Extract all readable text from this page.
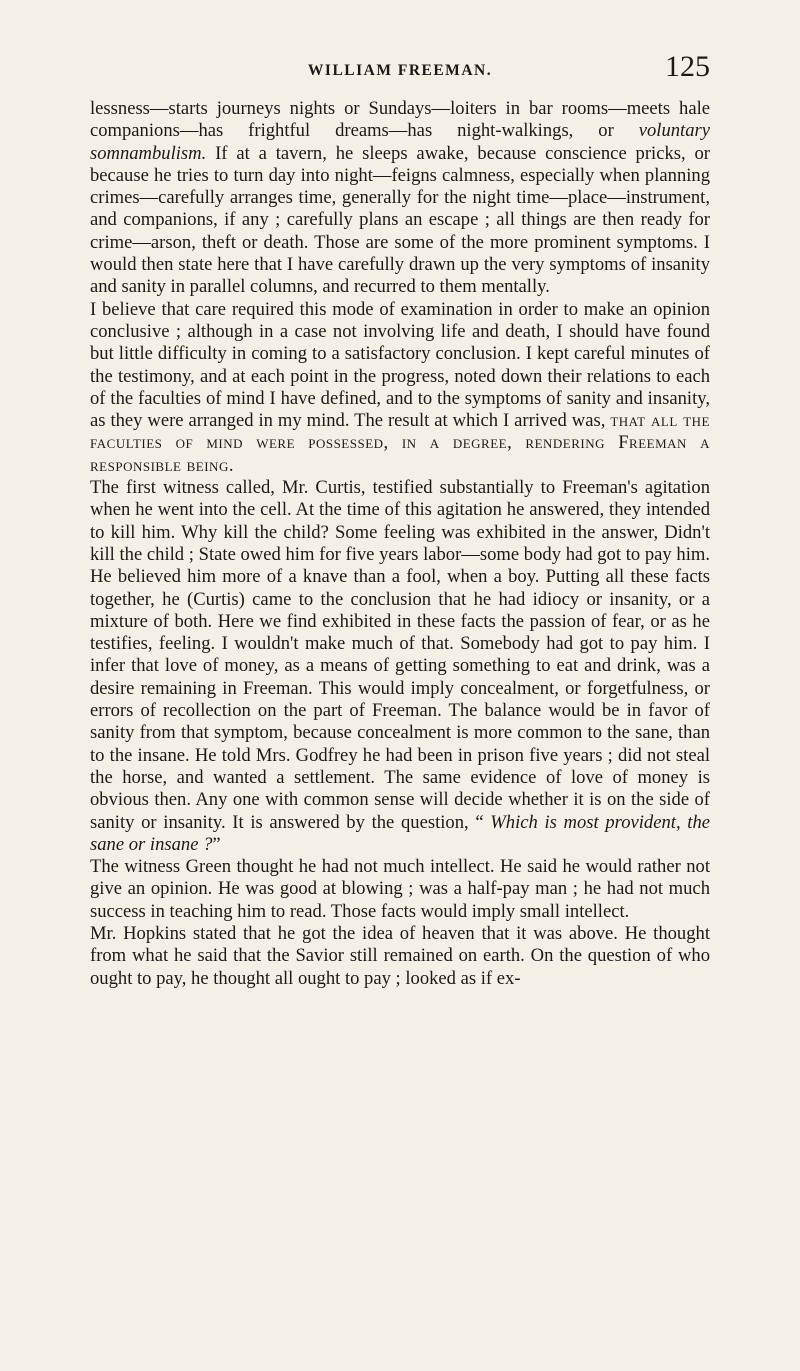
WILLIAM FREEMAN.	125

lessness—starts journeys nights or Sundays—loiters in bar rooms—meets hale companions—has frightful dreams—has night-walkings, or voluntary somnambulism. If at a tavern, he sleeps awake, because conscience pricks, or because he tries to turn day into night—feigns calmness, especially when planning crimes—carefully arranges time, generally for the night time—place—instrument, and companions, if any ; carefully plans an escape ; all things are then ready for crime—arson, theft or death. Those are some of the more prominent symptoms. I would then state here that I have carefully drawn up the very symptoms of insanity and sanity in parallel columns, and recurred to them mentally.

I believe that care required this mode of examination in order to make an opinion conclusive ; although in a case not involving life and death, I should have found but little difficulty in coming to a satisfactory conclusion. I kept careful minutes of the testimony, and at each point in the progress, noted down their relations to each of the faculties of mind I have defined, and to the symptoms of sanity and insanity, as they were arranged in my mind. The result at which I arrived was, that all the faculties of mind were possessed, in a degree, rendering Freeman a responsible being.

The first witness called, Mr. Curtis, testified substantially to Freeman's agitation when he went into the cell. At the time of this agitation he answered, they intended to kill him. Why kill the child? Some feeling was exhibited in the answer, Didn't kill the child ; State owed him for five years labor—some body had got to pay him. He believed him more of a knave than a fool, when a boy. Putting all these facts together, he (Curtis) came to the conclusion that he had idiocy or insanity, or a mixture of both. Here we find exhibited in these facts the passion of fear, or as he testifies, feeling. I wouldn't make much of that. Somebody had got to pay him. I infer that love of money, as a means of getting something to eat and drink, was a desire remaining in Freeman. This would imply concealment, or forgetfulness, or errors of recollection on the part of Freeman. The balance would be in favor of sanity from that symptom, because concealment is more common to the sane, than to the insane. He told Mrs. Godfrey he had been in prison five years ; did not steal the horse, and wanted a settlement. The same evidence of love of money is obvious then. Any one with common sense will decide whether it is on the side of sanity or insanity. It is answered by the question, “ Which is most provident, the sane or insane ?”

The witness Green thought he had not much intellect. He said he would rather not give an opinion. He was good at blowing ; was a half-pay man ; he had not much success in teaching him to read. Those facts would imply small intellect.

Mr. Hopkins stated that he got the idea of heaven that it was above. He thought from what he said that the Savior still remained on earth. On the question of who ought to pay, he thought all ought to pay ; looked as if ex-
